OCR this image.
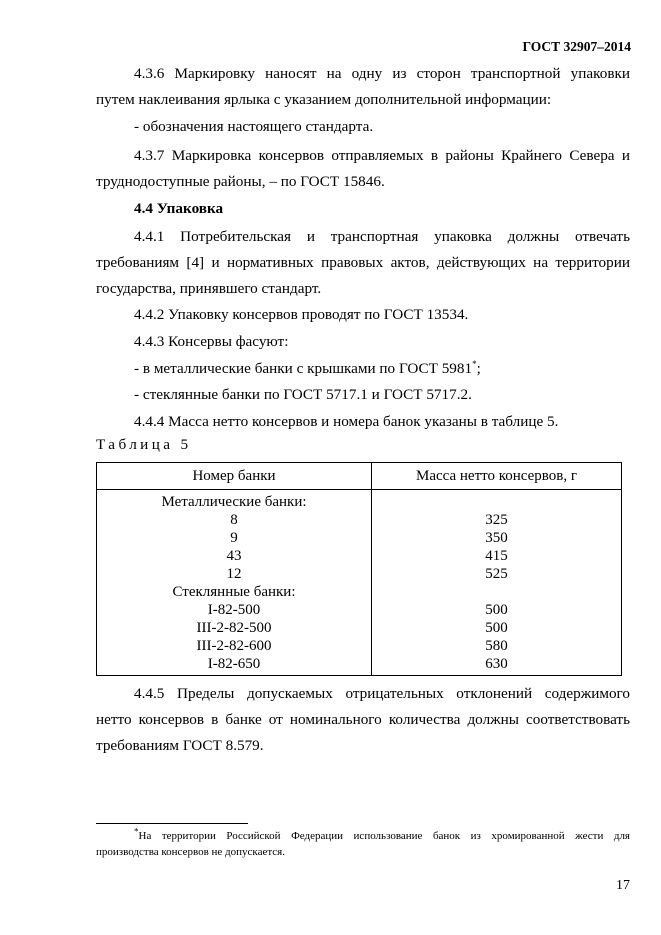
ГОСТ 32907–2014
4.3.6 Маркировку наносят на одну из сторон транспортной упаковки
путем наклеивания ярлыка с указанием дополнительной информации:
- обозначения настоящего стандарта.
4.3.7 Маркировка консервов отправляемых в районы Крайнего Севера и
труднодоступные районы, – по ГОСТ 15846.
4.4 Упаковка
4.4.1 Потребительская и транспортная упаковка должны отвечать
требованиям [4] и нормативных правовых актов, действующих на территории
государства, принявшего стандарт.
4.4.2 Упаковку консервов проводят по ГОСТ 13534.
4.4.3 Консервы фасуют:
- в металлические банки с крышками по ГОСТ 5981*;
- стеклянные банки по ГОСТ 5717.1 и ГОСТ 5717.2.
4.4.4 Масса нетто консервов и номера банок указаны в таблице 5.
Таблица 5
Номер банки	Масса нетто консервов, г
Металлические банки:	
8	325
9	350
43	415
12	525
Стеклянные банки:	
I-82-500	500
III-2-82-500	500
III-2-82-600	580
I-82-650	630
4.4.5 Пределы допускаемых отрицательных отклонений содержимого
нетто консервов в банке от номинального количества должны соответствовать
требованиям ГОСТ 8.579.
*На территории Российской Федерации использование банок из хромированной жести для
производства консервов не допускается.
17
